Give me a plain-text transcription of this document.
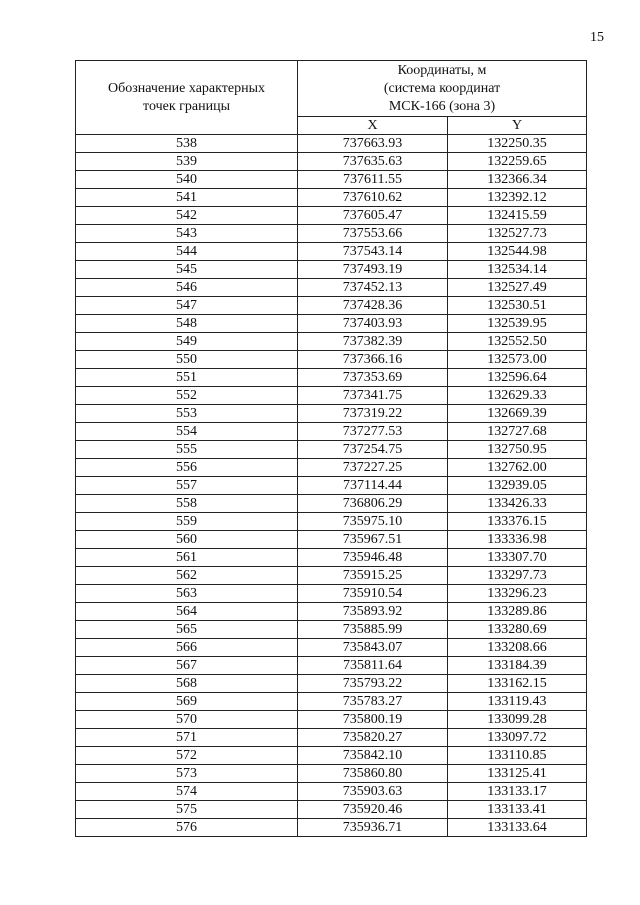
15
Обозначение характерных
точек границы	Координаты, м
(система координат
МСК-166 (зона 3)	
	X	Y
538	737663.93	132250.35
539	737635.63	132259.65
540	737611.55	132366.34
541	737610.62	132392.12
542	737605.47	132415.59
543	737553.66	132527.73
544	737543.14	132544.98
545	737493.19	132534.14
546	737452.13	132527.49
547	737428.36	132530.51
548	737403.93	132539.95
549	737382.39	132552.50
550	737366.16	132573.00
551	737353.69	132596.64
552	737341.75	132629.33
553	737319.22	132669.39
554	737277.53	132727.68
555	737254.75	132750.95
556	737227.25	132762.00
557	737114.44	132939.05
558	736806.29	133426.33
559	735975.10	133376.15
560	735967.51	133336.98
561	735946.48	133307.70
562	735915.25	133297.73
563	735910.54	133296.23
564	735893.92	133289.86
565	735885.99	133280.69
566	735843.07	133208.66
567	735811.64	133184.39
568	735793.22	133162.15
569	735783.27	133119.43
570	735800.19	133099.28
571	735820.27	133097.72
572	735842.10	133110.85
573	735860.80	133125.41
574	735903.63	133133.17
575	735920.46	133133.41
576	735936.71	133133.64
